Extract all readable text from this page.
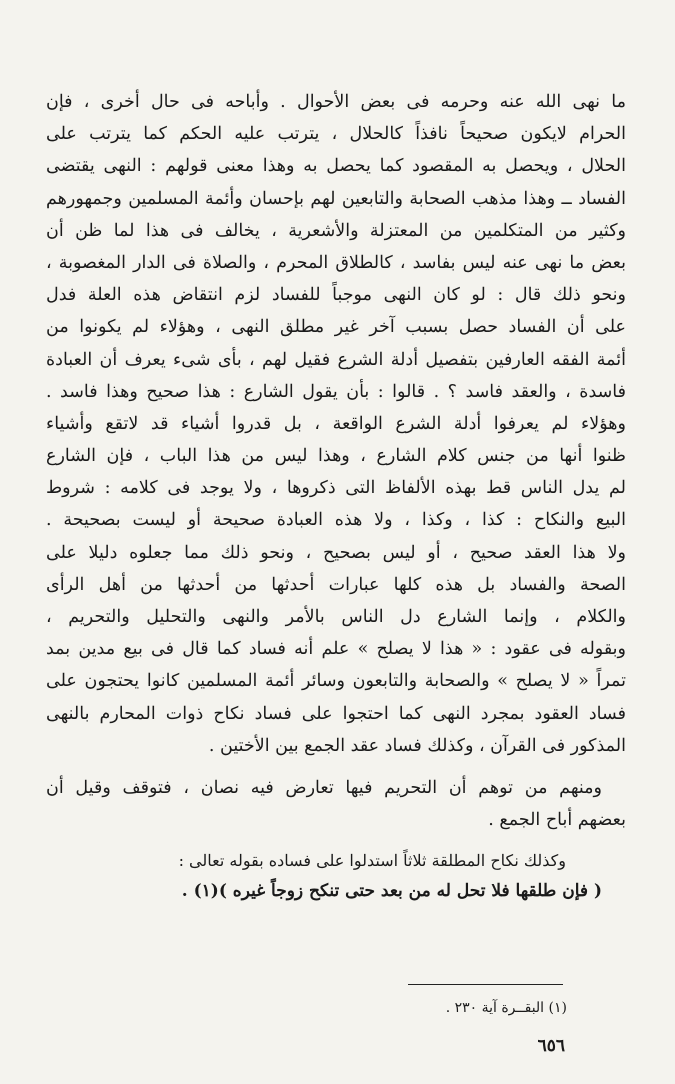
ما نهى الله عنه وحرمه فى بعض الأحوال . وأباحه فى حال أخرى ، فإن
الحرام لايكون صحيحاً نافذاً كالحلال ، يترتب عليه الحكم كما يترتب على
الحلال ، ويحصل به المقصود كما يحصل به وهذا معنى قولهم : النهى يقتضى
الفساد ــ وهذا مذهب الصحابة والتابعين لهم بإحسان وأئمة المسلمين وجمهورهم
وكثير من المتكلمين من المعتزلة والأشعرية ، يخالف فى هذا لما ظن أن
بعض ما نهى عنه ليس بفاسد ، كالطلاق المحرم ، والصلاة فى الدار المغصوبة ،
ونحو ذلك قال : لو كان النهى موجباً للفساد لزم انتقاض هذه العلة فدل
على أن الفساد حصل بسبب آخر غير مطلق النهى ، وهؤلاء لم يكونوا من
أئمة الفقه العارفين بتفصيل أدلة الشرع فقيل لهم ، بأى شىء يعرف أن العبادة
فاسدة ، والعقد فاسد ؟ . قالوا : بأن يقول الشارع : هذا صحيح وهذا فاسد .
وهؤلاء لم يعرفوا أدلة الشرع الواقعة ، بل قدروا أشياء قد لاتقع وأشياء
ظنوا أنها من جنس كلام الشارع ، وهذا ليس من هذا الباب ، فإن الشارع
لم يدل الناس قط بهذه الألفاظ التى ذكروها ، ولا يوجد فى كلامه : شروط
البيع والنكاح : كذا ، وكذا ، ولا هذه العبادة صحيحة أو ليست بصحيحة .
ولا هذا العقد صحيح ، أو ليس بصحيح ، ونحو ذلك مما جعلوه دليلا على
الصحة والفساد بل هذه كلها عبارات أحدثها من أحدثها من أهل الرأى
والكلام ، وإنما الشارع دل الناس بالأمر والنهى والتحليل والتحريم ،
وبقوله فى عقود : « هذا لا يصلح » علم أنه فساد كما قال فى بيع مدين بمد
تمراً « لا يصلح » والصحابة والتابعون وسائر أئمة المسلمين كانوا يحتجون على
فساد العقود بمجرد النهى كما احتجوا على فساد نكاح ذوات المحارم بالنهى
المذكور فى القرآن ، وكذلك فساد عقد الجمع بين الأختين .
ومنهم من توهم أن التحريم فيها تعارض فيه نصان ، فتوقف وقيل أن
بعضهم أباح الجمع .
وكذلك نكاح المطلقة ثلاثاً استدلوا على فساده بقوله تعالى :
( فإن طلقها فلا تحل له من بعد حتى تنكح زوجاً غيره )(١) .
(١) البقــرة آية ٢٣٠ .
٦٥٦
